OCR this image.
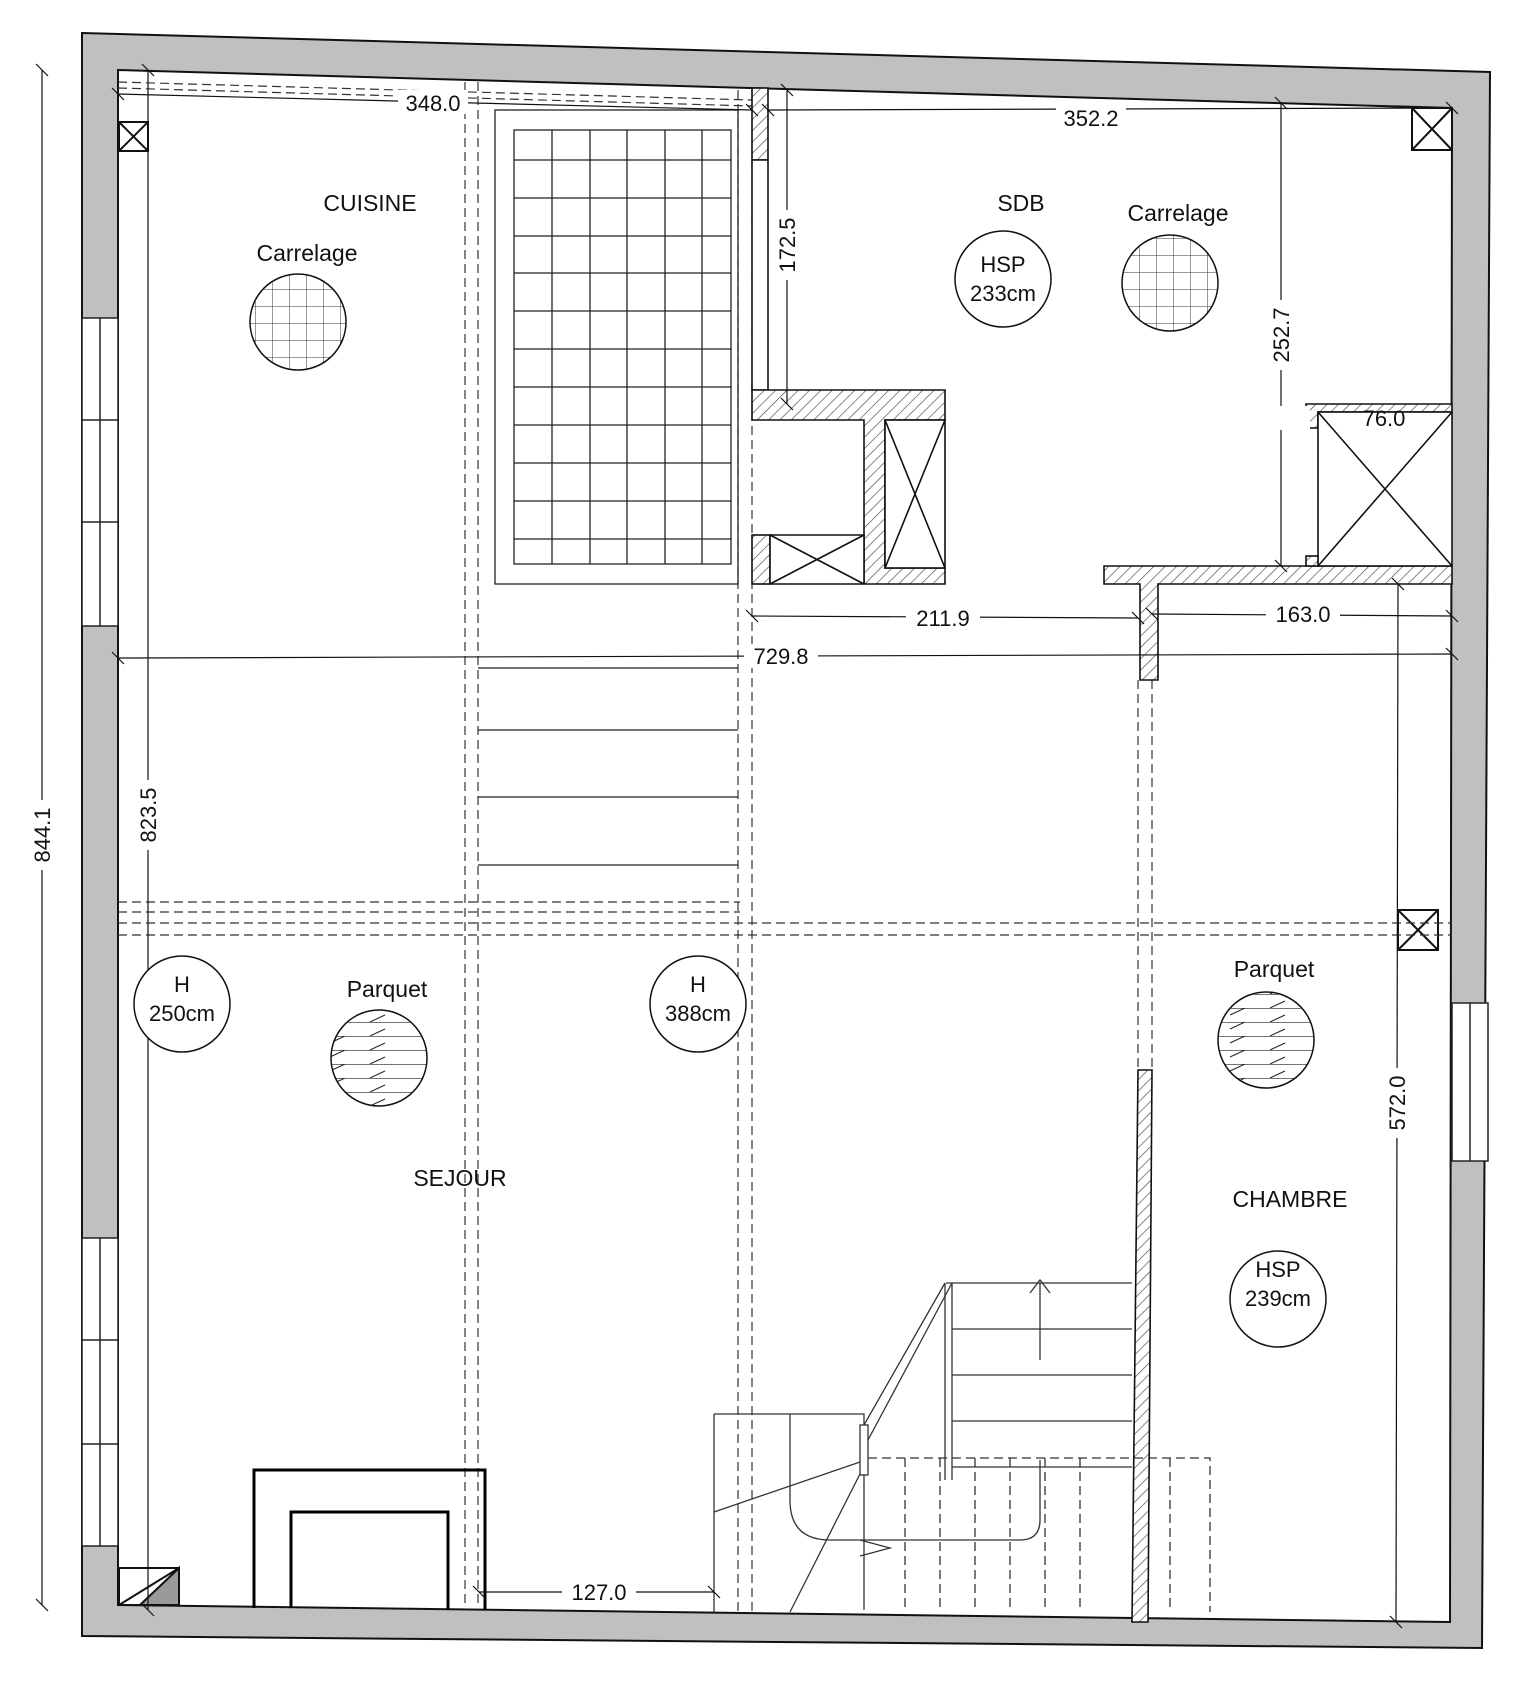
348.0
352.2
76.0
211.9	163.0
729.8
127.0
172.5
252.7
823.5
844.1
572.0
CUISINE	SDB
SEJOUR
CHAMBRE
Carrelage
Carrelage
Parquet
Parquet
HSP
233cm
HSP
239cm
H
250cm
H
388cm
